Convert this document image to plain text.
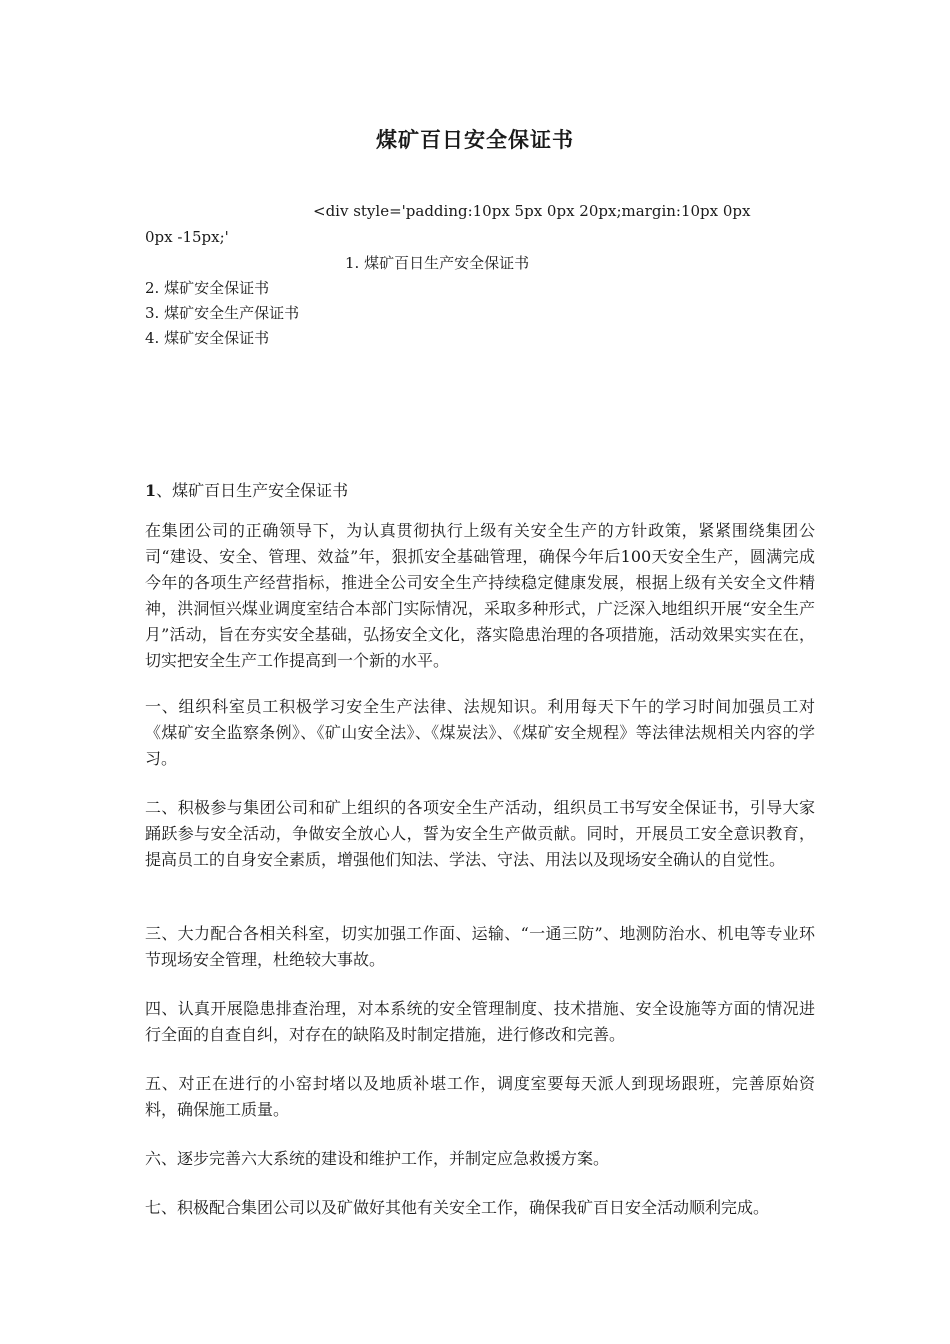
煤矿百日安全保证书
<div style='padding:10px 5px 0px 20px;margin:10px 0px
0px -15px;'
1. 煤矿百日生产安全保证书
2. 煤矿安全保证书
3. 煤矿安全生产保证书
4. 煤矿安全保证书
1、煤矿百日生产安全保证书
在集团公司的正确领导下，为认真贯彻执行上级有关安全生产的方针政策，紧紧围绕集团公司“建设、安全、管理、效益”年，狠抓安全基础管理，确保今年后100天安全生产，圆满完成今年的各项生产经营指标，推进全公司安全生产持续稳定健康发展，根据上级有关安全文件精神，洪洞恒兴煤业调度室结合本部门实际情况，采取多种形式，广泛深入地组织开展“安全生产月”活动，旨在夯实安全基础，弘扬安全文化，落实隐患治理的各项措施，活动效果实实在在，切实把安全生产工作提高到一个新的水平。
一、组织科室员工积极学习安全生产法律、法规知识。利用每天下午的学习时间加强员工对《煤矿安全监察条例》、《矿山安全法》、《煤炭法》、《煤矿安全规程》等法律法规相关内容的学习。
二、积极参与集团公司和矿上组织的各项安全生产活动，组织员工书写安全保证书，引导大家踊跃参与安全活动，争做安全放心人，誓为安全生产做贡献。同时，开展员工安全意识教育，提高员工的自身安全素质，增强他们知法、学法、守法、用法以及现场安全确认的自觉性。
三、大力配合各相关科室，切实加强工作面、运输、“一通三防”、地测防治水、机电等专业环节现场安全管理，杜绝较大事故。
四、认真开展隐患排查治理，对本系统的安全管理制度、技术措施、安全设施等方面的情况进行全面的自查自纠，对存在的缺陷及时制定措施，进行修改和完善。
五、对正在进行的小窑封堵以及地质补堪工作，调度室要每天派人到现场跟班，完善原始资料，确保施工质量。
六、逐步完善六大系统的建设和维护工作，并制定应急救援方案。
七、积极配合集团公司以及矿做好其他有关安全工作，确保我矿百日安全活动顺利完成。
